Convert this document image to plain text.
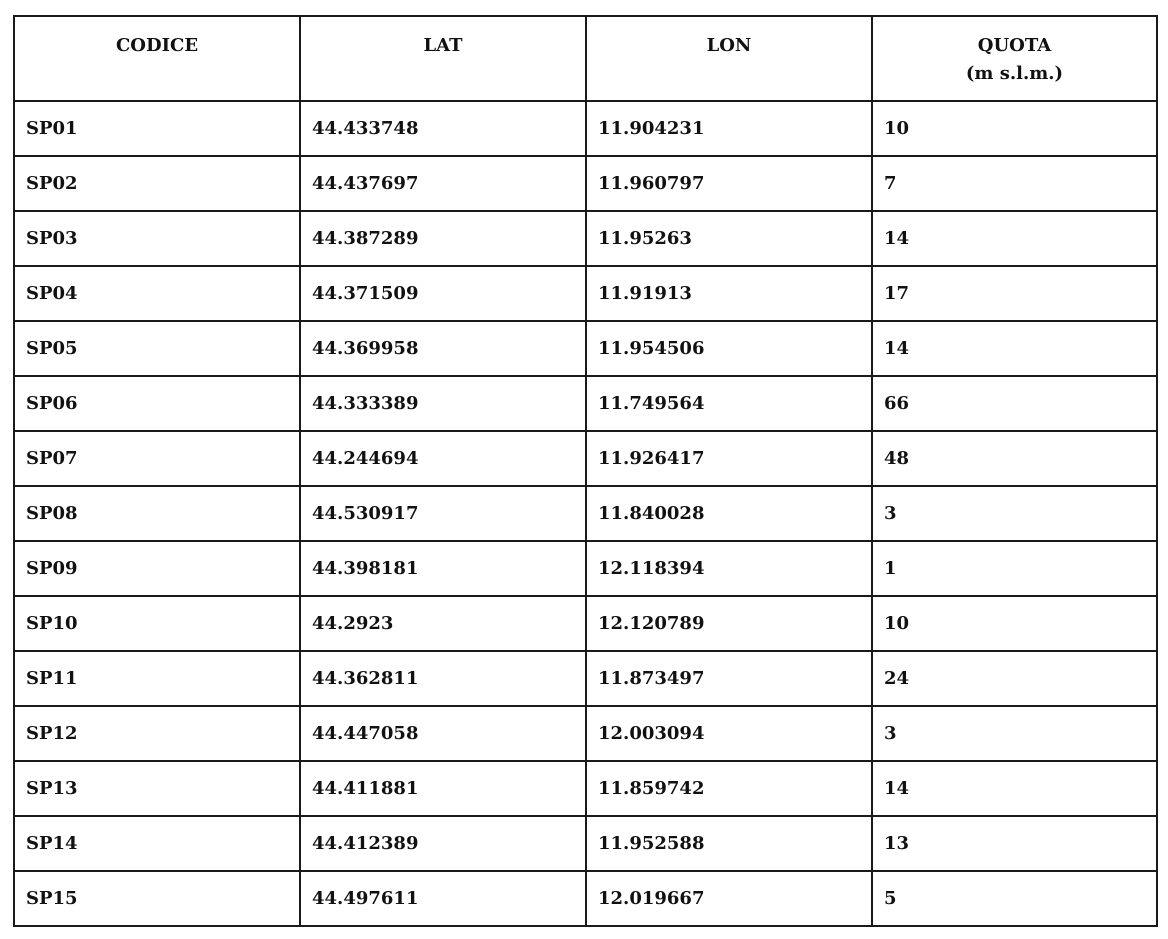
CODICE	LAT	LON	QUOTA
(m s.l.m.)

SP01	44.433748	11.904231	10
SP02	44.437697	11.960797	7
SP03	44.387289	11.95263	14
SP04	44.371509	11.91913	17
SP05	44.369958	11.954506	14
SP06	44.333389	11.749564	66
SP07	44.244694	11.926417	48
SP08	44.530917	11.840028	3
SP09	44.398181	12.118394	1
SP10	44.2923	12.120789	10
SP11	44.362811	11.873497	24
SP12	44.447058	12.003094	3
SP13	44.411881	11.859742	14
SP14	44.412389	11.952588	13
SP15	44.497611	12.019667	5
